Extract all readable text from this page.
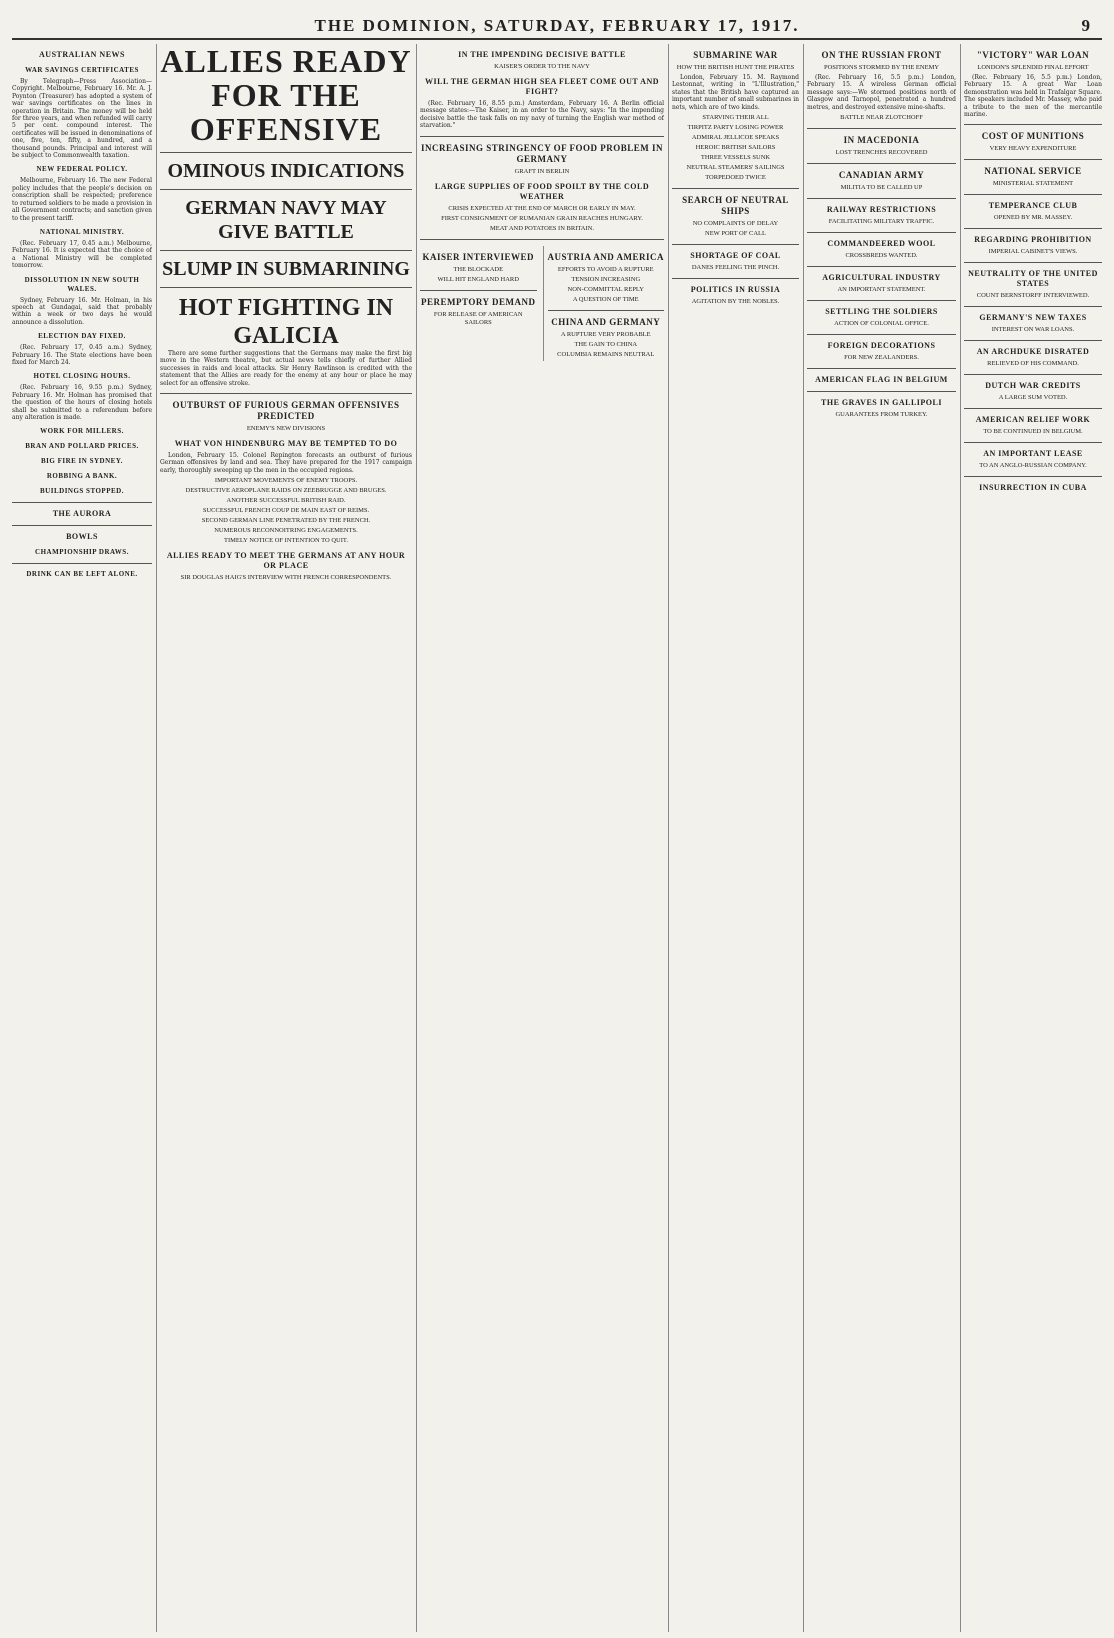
THE DOMINION, SATURDAY, FEBRUARY 17, 1917.	9
AUSTRALIAN NEWS
WAR SAVINGS CERTIFICATES

By Telegraph—Press Association—Copyright. Melbourne, February 16. Mr. A. J. Poynton (Treasurer) has adopted a system of war savings certificates on the lines in operation in Britain. The money will be held for three years, and when refunded will carry 5 per cent. compound interest. The certificates will be issued in denominations of one, five, ten, fifty, a hundred, and a thousand pounds. Principal and interest will be subject to Commonwealth taxation.

NEW FEDERAL POLICY.

Melbourne, February 16. The new Federal policy includes that the people's decision on conscription shall be respected; preference to returned soldiers to be made a provision in all Government contracts; and sanction given to the present tariff.

NATIONAL MINISTRY.

(Rec. February 17, 0.45 a.m.) Melbourne, February 16. It is expected that the choice of a National Ministry will be completed tomorrow.

DISSOLUTION IN NEW SOUTH WALES.

Sydney, February 16. Mr. Holman, in his speech at Gundagai, said that probably within a week or two days he would announce a dissolution.

ELECTION DAY FIXED.

(Rec. February 17, 0.45 a.m.) Sydney, February 16. The State elections have been fixed for March 24.

HOTEL CLOSING HOURS.

(Rec. February 16, 9.55 p.m.) Sydney, February 16. Mr. Holman has promised that the question of the hours of closing hotels shall be submitted to a referendum before any alteration is made.

WORK FOR MILLERS.
BRAN AND POLLARD PRICES.
BIG FIRE IN SYDNEY.
ROBBING A BANK.
BUILDINGS STOPPED.
THE AURORA
BOWLS
CHAMPIONSHIP DRAWS.
DRINK CAN BE LEFT ALONE.
ALLIES READY FOR THE OFFENSIVE
OMINOUS INDICATIONS
GERMAN NAVY MAY GIVE BATTLE
SLUMP IN SUBMARINING
HOT FIGHTING IN GALICIA

There are some further suggestions that the Germans may make the first big move in the Western theatre, but actual news tells chiefly of further Allied successes in raids and local attacks. Sir Henry Rawlinson is credited with the statement that the Allies are ready for the enemy at any hour or place he may select for an offensive stroke.

OUTBURST OF FURIOUS GERMAN OFFENSIVES PREDICTED
ENEMY'S NEW DIVISIONS
WHAT VON HINDENBURG MAY BE TEMPTED TO DO

London, February 15. Colonel Repington forecasts an outburst of furious German offensives by land and sea. They have prepared for the 1917 campaign early, thoroughly sweeping up the men in the occupied regions.

IMPORTANT MOVEMENTS OF ENEMY TROOPS.
DESTRUCTIVE AEROPLANE RAIDS ON ZEEBRUGGE AND BRUGES.
ANOTHER SUCCESSFUL BRITISH RAID.
SUCCESSFUL FRENCH COUP DE MAIN EAST OF REIMS.
SECOND GERMAN LINE PENETRATED BY THE FRENCH.
NUMEROUS RECONNOITRING ENGAGEMENTS.
TIMELY NOTICE OF INTENTION TO QUIT.
ALLIES READY TO MEET THE GERMANS AT ANY HOUR OR PLACE
SIR DOUGLAS HAIG'S INTERVIEW WITH FRENCH CORRESPONDENTS.
IN THE IMPENDING DECISIVE BATTLE
KAISER'S ORDER TO THE NAVY
WILL THE GERMAN HIGH SEA FLEET COME OUT AND FIGHT?

(Rec. February 16, 8.55 p.m.) Amsterdam, February 16. A Berlin official message states:—The Kaiser, in an order to the Navy, says: "In the impending decisive battle the task falls on my navy of turning the English war method of starvation."

INCREASING STRINGENCY OF FOOD PROBLEM IN GERMANY
GRAFT IN BERLIN
LARGE SUPPLIES OF FOOD SPOILT BY THE COLD WEATHER
CRISIS EXPECTED AT THE END OF MARCH OR EARLY IN MAY.
FIRST CONSIGNMENT OF RUMANIAN GRAIN REACHES HUNGARY.
MEAT AND POTATOES IN BRITAIN.
KAISER INTERVIEWED
THE BLOCKADE
WILL HIT ENGLAND HARD
PEREMPTORY DEMAND
FOR RELEASE OF AMERICAN SAILORS
AUSTRIA AND AMERICA
EFFORTS TO AVOID A RUPTURE
TENSION INCREASING
NON-COMMITTAL REPLY
A QUESTION OF TIME
CHINA AND GERMANY
A RUPTURE VERY PROBABLE
THE GAIN TO CHINA
COLUMBIA REMAINS NEUTRAL
SUBMARINE WAR
HOW THE BRITISH HUNT THE PIRATES

London, February 15. M. Raymond Lestonnat, writing in "L'Illustration," states that the British have captured an important number of small submarines in nets, which are of two kinds.

STARVING THEIR ALL
TIRPITZ PARTY LOSING POWER
ADMIRAL JELLICOE SPEAKS
HEROIC BRITISH SAILORS
THREE VESSELS SUNK
NEUTRAL STEAMERS' SAILINGS
TORPEDOED TWICE
SEARCH OF NEUTRAL SHIPS
NO COMPLAINTS OF DELAY
NEW PORT OF CALL
SHORTAGE OF COAL
DANES FEELING THE PINCH.
POLITICS IN RUSSIA
AGITATION BY THE NOBLES.
ON THE RUSSIAN FRONT
POSITIONS STORMED BY THE ENEMY

(Rec. February 16, 5.5 p.m.) London, February 15. A wireless German official message says:—We stormed positions north of Glasgow and Tarnopol, penetrated a hundred metres, and destroyed extensive mine-shafts.

BATTLE NEAR ZLOTCHOFF
IN MACEDONIA
LOST TRENCHES RECOVERED
CANADIAN ARMY
MILITIA TO BE CALLED UP
RAILWAY RESTRICTIONS
FACILITATING MILITARY TRAFFIC.
COMMANDEERED WOOL
CROSSBREDS WANTED.
AGRICULTURAL INDUSTRY
AN IMPORTANT STATEMENT.
SETTLING THE SOLDIERS
ACTION OF COLONIAL OFFICE.
FOREIGN DECORATIONS
FOR NEW ZEALANDERS.
AMERICAN FLAG IN BELGIUM
THE GRAVES IN GALLIPOLI
GUARANTEES FROM TURKEY.
"VICTORY" WAR LOAN
LONDON'S SPLENDID FINAL EFFORT

(Rec. February 16, 5.5 p.m.) London, February 15. A great War Loan demonstration was held in Trafalgar Square. The speakers included Mr. Massey, who paid a tribute to the men of the mercantile marine.

COST OF MUNITIONS
VERY HEAVY EXPENDITURE
NATIONAL SERVICE
MINISTERIAL STATEMENT
TEMPERANCE CLUB
OPENED BY MR. MASSEY.
REGARDING PROHIBITION
IMPERIAL CABINET'S VIEWS.
NEUTRALITY OF THE UNITED STATES
COUNT BERNSTORFF INTERVIEWED.
GERMANY'S NEW TAXES
INTEREST ON WAR LOANS.
AN ARCHDUKE DISRATED
RELIEVED OF HIS COMMAND.
DUTCH WAR CREDITS
A LARGE SUM VOTED.
AMERICAN RELIEF WORK
TO BE CONTINUED IN BELGIUM.
AN IMPORTANT LEASE
TO AN ANGLO-RUSSIAN COMPANY.
INSURRECTION IN CUBA
